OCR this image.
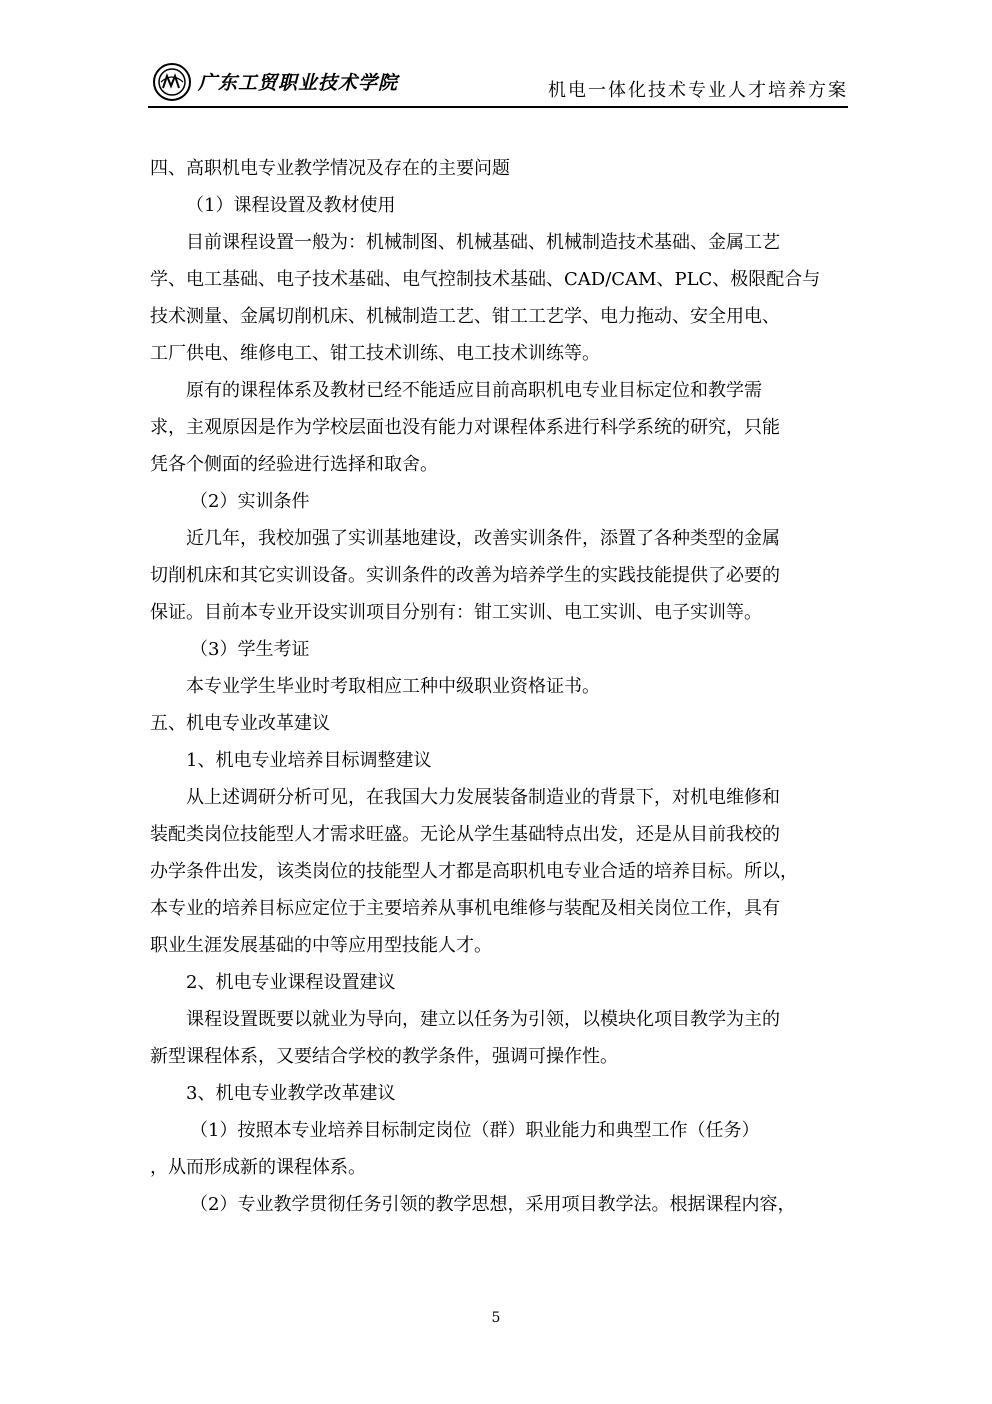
广东工贸职业技术学院	机电一体化技术专业人才培养方案

四、高职机电专业教学情况及存在的主要问题

（1）课程设置及教材使用

目前课程设置一般为：机械制图、机械基础、机械制造技术基础、金属工艺

学、电工基础、电子技术基础、电气控制技术基础、CAD/CAM、PLC、极限配合与

技术测量、金属切削机床、机械制造工艺、钳工工艺学、电力拖动、安全用电、

工厂供电、维修电工、钳工技术训练、电工技术训练等。

原有的课程体系及教材已经不能适应目前高职机电专业目标定位和教学需

求，主观原因是作为学校层面也没有能力对课程体系进行科学系统的研究，只能

凭各个侧面的经验进行选择和取舍。

（2）实训条件

近几年，我校加强了实训基地建设，改善实训条件，添置了各种类型的金属

切削机床和其它实训设备。实训条件的改善为培养学生的实践技能提供了必要的

保证。目前本专业开设实训项目分别有：钳工实训、电工实训、电子实训等。

（3）学生考证

本专业学生毕业时考取相应工种中级职业资格证书。

五、机电专业改革建议

1、机电专业培养目标调整建议

从上述调研分析可见，在我国大力发展装备制造业的背景下，对机电维修和

装配类岗位技能型人才需求旺盛。无论从学生基础特点出发，还是从目前我校的

办学条件出发，该类岗位的技能型人才都是高职机电专业合适的培养目标。所以，

本专业的培养目标应定位于主要培养从事机电维修与装配及相关岗位工作，具有

职业生涯发展基础的中等应用型技能人才。

2、机电专业课程设置建议

课程设置既要以就业为导向，建立以任务为引领，以模块化项目教学为主的

新型课程体系，又要结合学校的教学条件，强调可操作性。

3、机电专业教学改革建议

（1）按照本专业培养目标制定岗位（群）职业能力和典型工作（任务）

，从而形成新的课程体系。

（2）专业教学贯彻任务引领的教学思想，采用项目教学法。根据课程内容，

5
